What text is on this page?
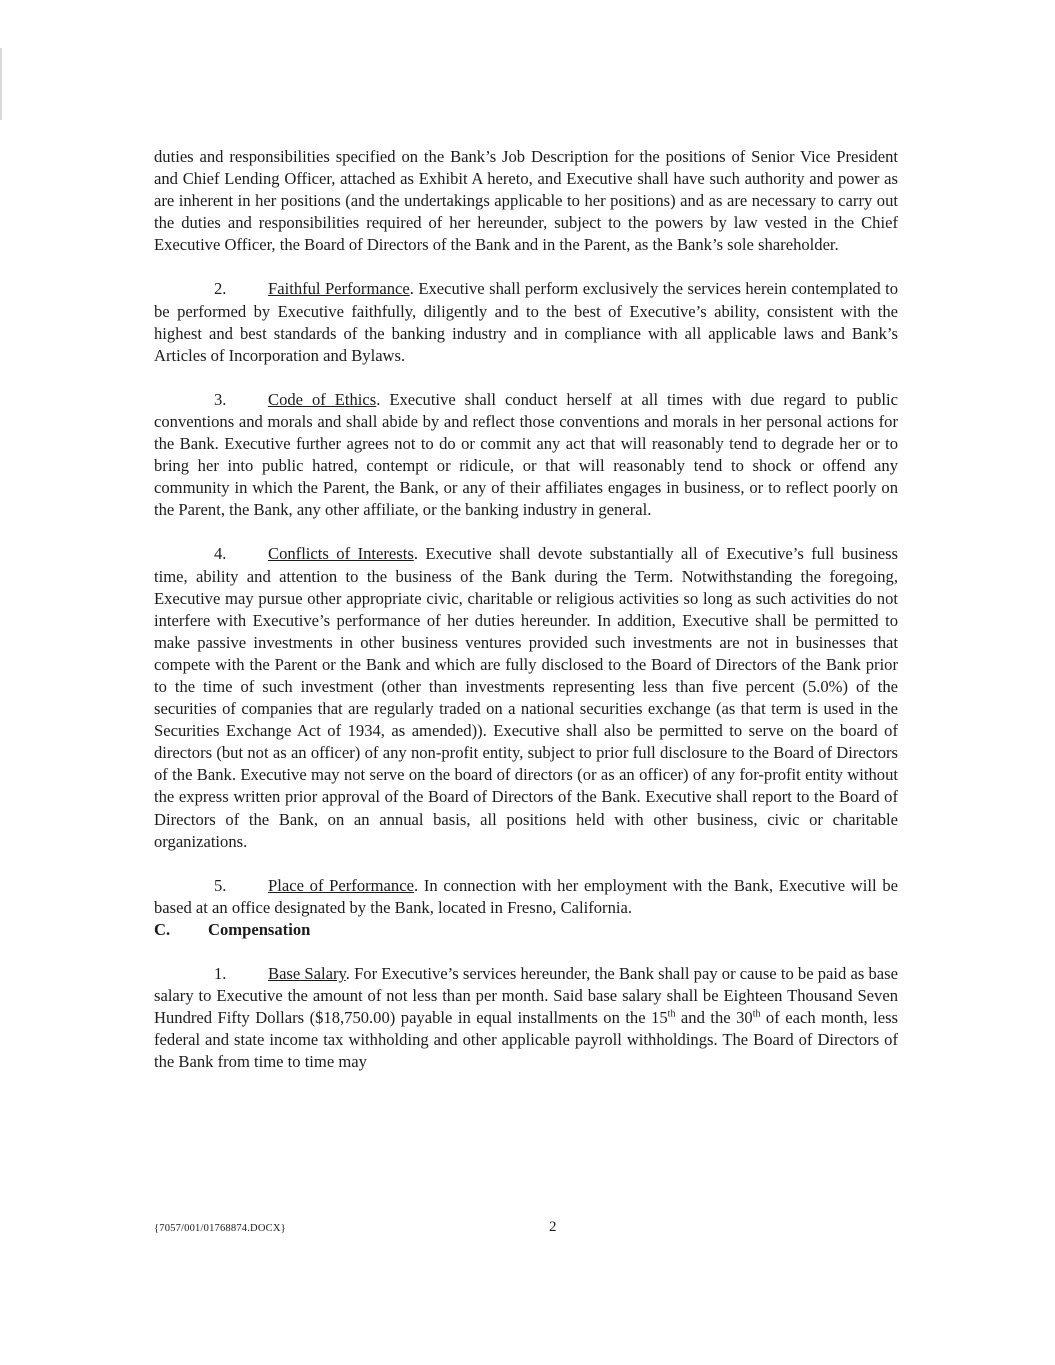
duties and responsibilities specified on the Bank’s Job Description for the positions of Senior Vice President and Chief Lending Officer, attached as Exhibit A hereto, and Executive shall have such authority and power as are inherent in her positions (and the undertakings applicable to her positions) and as are necessary to carry out the duties and responsibilities required of her hereunder, subject to the powers by law vested in the Chief Executive Officer, the Board of Directors of the Bank and in the Parent, as the Bank’s sole shareholder.

2.	Faithful Performance. Executive shall perform exclusively the services herein contemplated to be performed by Executive faithfully, diligently and to the best of Executive’s ability, consistent with the highest and best standards of the banking industry and in compliance with all applicable laws and Bank’s Articles of Incorporation and Bylaws.

3.	Code of Ethics. Executive shall conduct herself at all times with due regard to public conventions and morals and shall abide by and reflect those conventions and morals in her personal actions for the Bank. Executive further agrees not to do or commit any act that will reasonably tend to degrade her or to bring her into public hatred, contempt or ridicule, or that will reasonably tend to shock or offend any community in which the Parent, the Bank, or any of their affiliates engages in business, or to reflect poorly on the Parent, the Bank, any other affiliate, or the banking industry in general.

4.	Conflicts of Interests. Executive shall devote substantially all of Executive’s full business time, ability and attention to the business of the Bank during the Term. Notwithstanding the foregoing, Executive may pursue other appropriate civic, charitable or religious activities so long as such activities do not interfere with Executive’s performance of her duties hereunder. In addition, Executive shall be permitted to make passive investments in other business ventures provided such investments are not in businesses that compete with the Parent or the Bank and which are fully disclosed to the Board of Directors of the Bank prior to the time of such investment (other than investments representing less than five percent (5.0%) of the securities of companies that are regularly traded on a national securities exchange (as that term is used in the Securities Exchange Act of 1934, as amended)). Executive shall also be permitted to serve on the board of directors (but not as an officer) of any non-profit entity, subject to prior full disclosure to the Board of Directors of the Bank. Executive may not serve on the board of directors (or as an officer) of any for-profit entity without the express written prior approval of the Board of Directors of the Bank. Executive shall report to the Board of Directors of the Bank, on an annual basis, all positions held with other business, civic or charitable organizations.

5.	Place of Performance. In connection with her employment with the Bank, Executive will be based at an office designated by the Bank, located in Fresno, California.

C. Compensation

1.	Base Salary. For Executive’s services hereunder, the Bank shall pay or cause to be paid as base salary to Executive the amount of not less than per month. Said base salary shall be Eighteen Thousand Seven Hundred Fifty Dollars ($18,750.00) payable in equal installments on the 15th and the 30th of each month, less federal and state income tax withholding and other applicable payroll withholdings. The Board of Directors of the Bank from time to time may

{7057/001/01768874.DOCX}	2
